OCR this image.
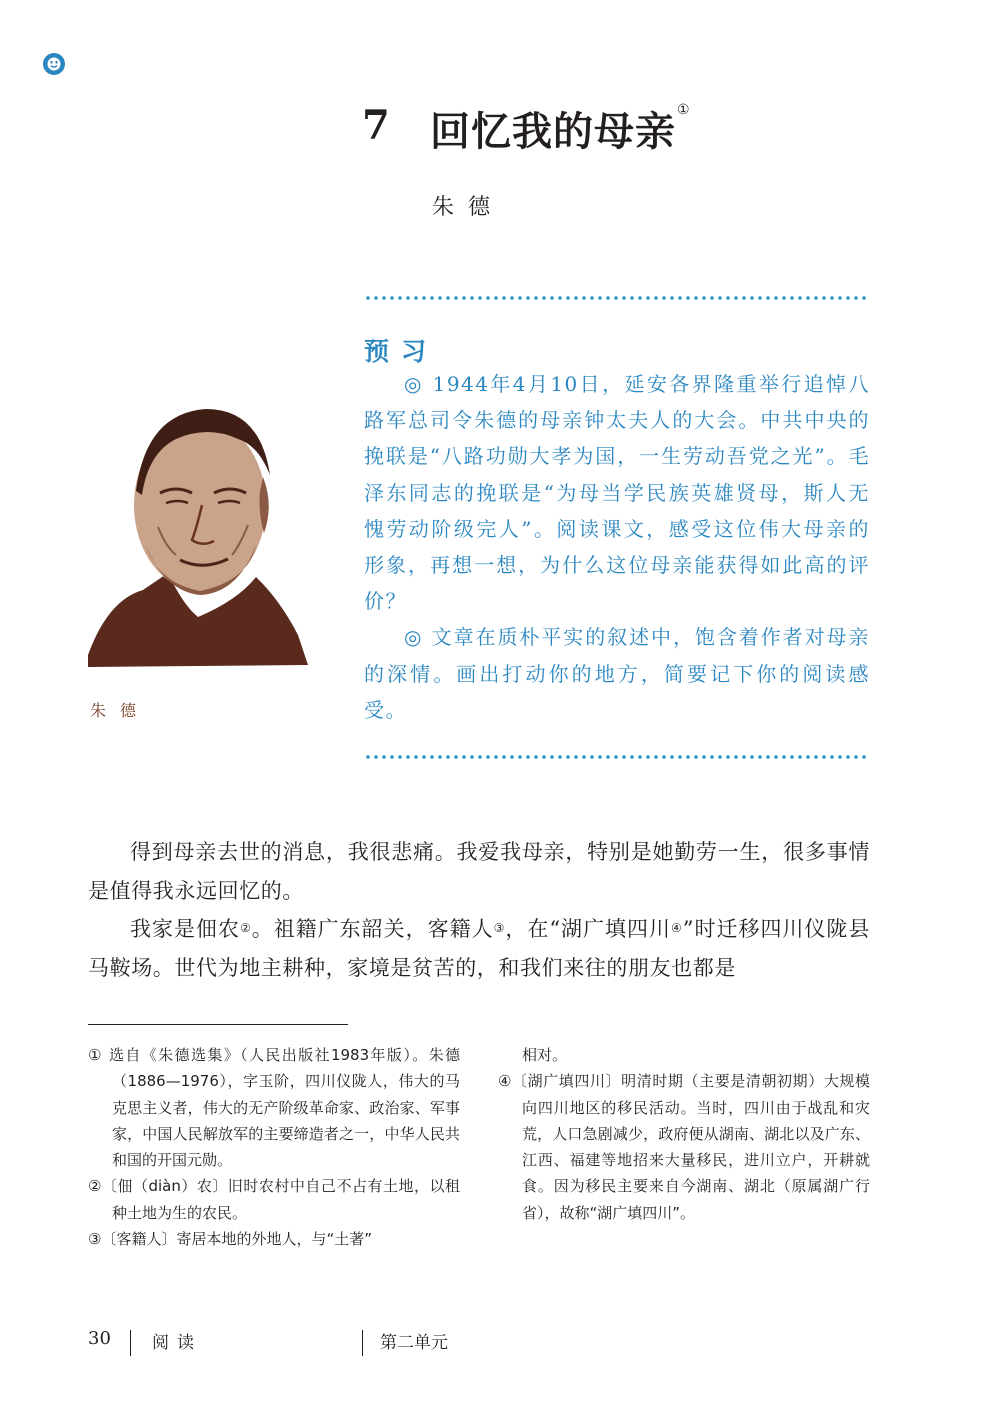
7 回忆我的母亲①
朱德
预习

◎ 1944年4月10日，延安各界隆重举行追悼八路军总司令朱德的母亲钟太夫人的大会。中共中央的挽联是“八路功勋大孝为国，一生劳动吾党之光”。毛泽东同志的挽联是“为母当学民族英雄贤母，斯人无愧劳动阶级完人”。阅读课文，感受这位伟大母亲的形象，再想一想，为什么这位母亲能获得如此高的评价？

◎ 文章在质朴平实的叙述中，饱含着作者对母亲的深情。画出打动你的地方，简要记下你的阅读感受。

朱德

得到母亲去世的消息，我很悲痛。我爱我母亲，特别是她勤劳一生，很多事情是值得我永远回忆的。

我家是佃农②。祖籍广东韶关，客籍人③，在“湖广填四川④”时迁移四川仪陇县马鞍场。世代为地主耕种，家境是贫苦的，和我们来往的朋友也都是

① 选自《朱德选集》（人民出版社1983年版）。朱德（1886—1976），字玉阶，四川仪陇人，伟大的马克思主义者，伟大的无产阶级革命家、政治家、军事家，中国人民解放军的主要缔造者之一，中华人民共和国的开国元勋。

②〔佃（diàn）农〕旧时农村中自己不占有土地，以租种土地为生的农民。

③〔客籍人〕寄居本地的外地人，与“土著”

相对。

④〔湖广填四川〕明清时期（主要是清朝初期）大规模向四川地区的移民活动。当时，四川由于战乱和灾荒，人口急剧减少，政府便从湖南、湖北以及广东、江西、福建等地招来大量移民，进川立户，开耕就食。因为移民主要来自今湖南、湖北（原属湖广行省），故称“湖广填四川”。

30 阅读	第二单元
